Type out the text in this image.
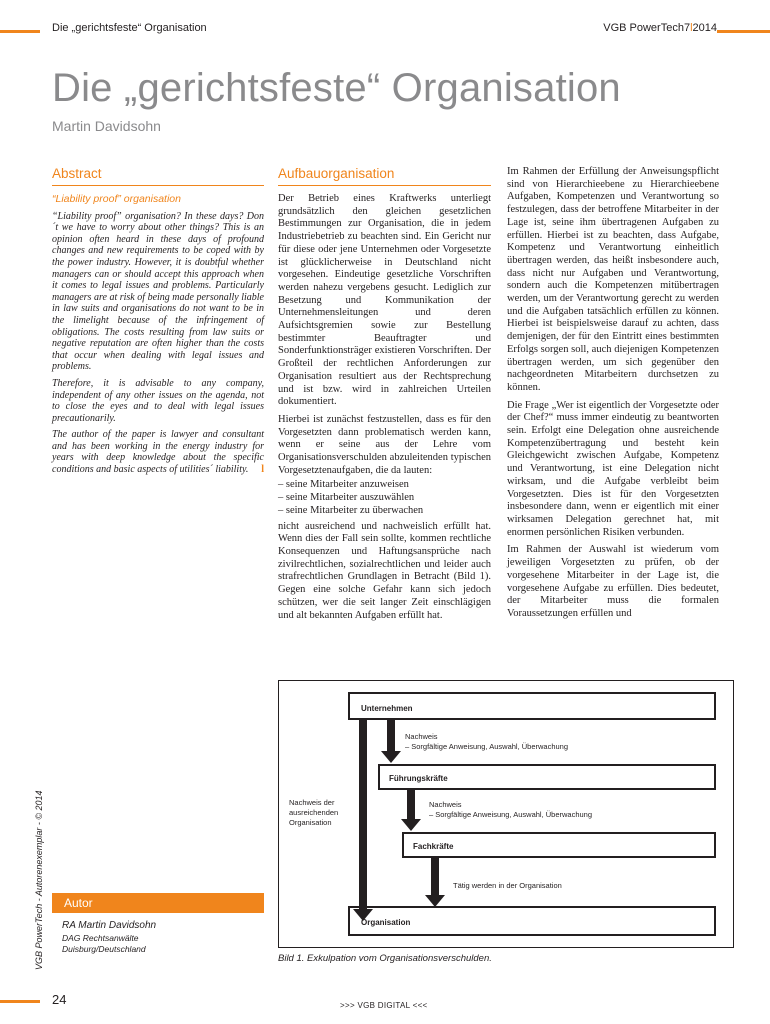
Die „gerichtsfeste“ Organisation	VGB PowerTech7l2014
Die „gerichtsfeste“ Organisation
Martin Davidsohn
Abstract
“Liability proof” organisation

“Liability proof” organisation? In these days? Don´t we have to worry about other things? This is an opinion often heard in these days of profound changes and new requirements to be coped with by the power industry. However, it is doubtful whether managers can or should accept this approach when it comes to legal issues and problems. Particularly managers are at risk of being made personally liable in law suits and organisations do not want to be in the limelight because of the infringement of obligations. The costs resulting from law suits or negative reputation are often higher than the costs that occur when dealing with legal issues and problems.

Therefore, it is advisable to any company, independent of any other issues on the agenda, not to close the eyes and to deal with legal issues precautionarily.

The author of the paper is lawyer and consultant and has been working in the energy industry for years with deep knowledge about the specific conditions and basic aspects of utilities´ liability. l

Aufbauorganisation

Der Betrieb eines Kraftwerks unterliegt grundsätzlich den gleichen gesetzlichen Bestimmungen zur Organisation, die in jedem Industriebetrieb zu beachten sind. Ein Gericht nur für diese oder jene Unternehmen oder Vorgesetzte ist glücklicherweise in Deutschland nicht vorgesehen. Eindeutige gesetzliche Vorschriften werden nahezu vergebens gesucht. Lediglich zur Besetzung und Kommunikation der Unternehmensleitungen und deren Aufsichtsgremien sowie zur Bestellung bestimmter Beauftragter und Sonderfunktionsträger existieren Vorschriften. Der Großteil der rechtlichen Anforderungen zur Organisation resultiert aus der Rechtsprechung und ist bzw. wird in zahlreichen Urteilen dokumentiert.

Hierbei ist zunächst festzustellen, dass es für den Vorgesetzten dann problematisch werden kann, wenn er seine aus der Lehre vom Organisationsverschulden abzuleitenden typischen Vorgesetztenaufgaben, die da lauten:

– seine Mitarbeiter anzuweisen
– seine Mitarbeiter auszuwählen
– seine Mitarbeiter zu überwachen

nicht ausreichend und nachweislich erfüllt hat. Wenn dies der Fall sein sollte, kommen rechtliche Konsequenzen und Haftungsansprüche nach zivilrechtlichen, sozialrechtlichen und leider auch strafrechtlichen Grundlagen in Betracht (Bild 1). Gegen eine solche Gefahr kann sich jedoch schützen, wer die seit langer Zeit einschlägigen und alt bekannten Aufgaben erfüllt hat.

Im Rahmen der Erfüllung der Anweisungspflicht sind von Hierarchieebene zu Hierarchieebene Aufgaben, Kompetenzen und Verantwortung so festzulegen, dass der betroffene Mitarbeiter in der Lage ist, seine ihm übertragenen Aufgaben zu erfüllen. Hierbei ist zu beachten, dass Aufgabe, Kompetenz und Verantwortung einheitlich übertragen werden, das heißt insbesondere auch, dass nicht nur Aufgaben und Verantwortung, sondern auch die Kompetenzen mitübertragen werden, um der Verantwortung gerecht zu werden und die Aufgaben tatsächlich erfüllen zu können. Hierbei ist beispielsweise darauf zu achten, dass demjenigen, der für den Eintritt eines bestimmten Erfolgs sorgen soll, auch diejenigen Kompetenzen übertragen werden, um sich gegenüber den nachgeordneten Mitarbeitern durchsetzen zu können.

Die Frage „Wer ist eigentlich der Vorgesetzte oder der Chef?“ muss immer eindeutig zu beantworten sein. Erfolgt eine Delegation ohne ausreichende Kompetenzübertragung und besteht kein Gleichgewicht zwischen Aufgabe, Kompetenz und Verantwortung, ist eine Delegation nicht wirksam, und die Aufgabe verbleibt beim Vorgesetzten. Dies ist für den Vorgesetzten insbesondere dann, wenn er eigentlich mit einer wirksamen Delegation gerechnet hat, mit enormen persönlichen Risiken verbunden.

Im Rahmen der Auswahl ist wiederum vom jeweiligen Vorgesetzten zu prüfen, ob der vorgesehene Mitarbeiter in der Lage ist, die vorgesehene Aufgabe zu erfüllen. Dies bedeutet, der Mitarbeiter muss die formalen Voraussetzungen erfüllen und

Unternehmen
Nachweis
– Sorgfältige Anweisung, Auswahl, Überwachung
Führungskräfte
Nachweis
– Sorgfältige Anweisung, Auswahl, Überwachung
Nachweis der
ausreichenden
Organisation
Fachkräfte
Tätig werden in der Organisation
Organisation
Bild 1. Exkulpation vom Organisationsverschulden.
Autor
RA Martin Davidsohn
DAG Rechtsanwälte
Duisburg/Deutschland
VGB PowerTech - Autorenexemplar - © 2014
24	>>> VGB DIGITAL <<<
